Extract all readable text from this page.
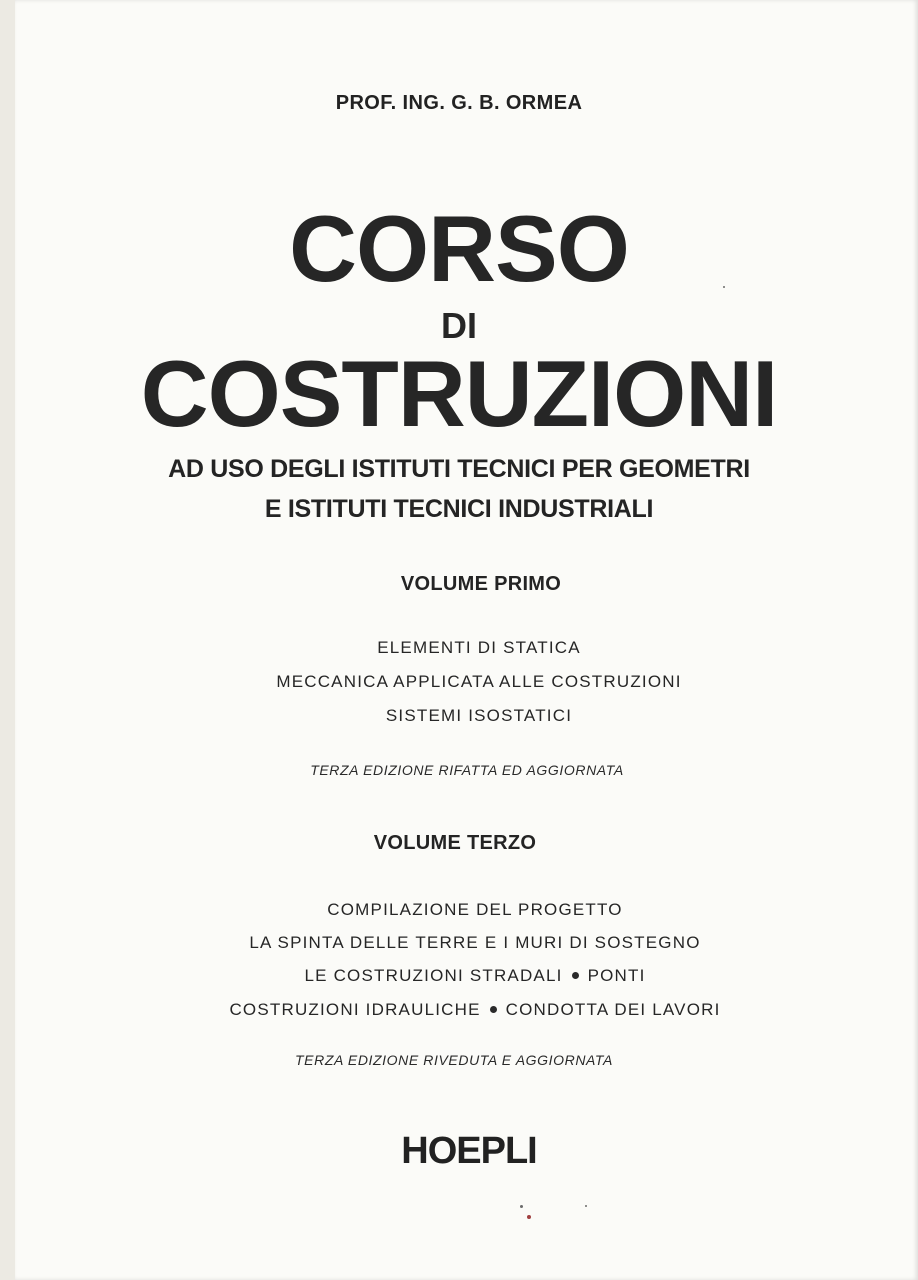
PROF. ING. G. B. ORMEA
CORSO
DI
COSTRUZIONI
AD USO DEGLI ISTITUTI TECNICI PER GEOMETRI
E ISTITUTI TECNICI INDUSTRIALI
VOLUME PRIMO
ELEMENTI DI STATICA
MECCANICA APPLICATA ALLE COSTRUZIONI
SISTEMI ISOSTATICI
TERZA EDIZIONE RIFATTA ED AGGIORNATA
VOLUME TERZO
COMPILAZIONE DEL PROGETTO
LA SPINTA DELLE TERRE E I MURI DI SOSTEGNO
LE COSTRUZIONI STRADALI PONTI
COSTRUZIONI IDRAULICHE CONDOTTA DEI LAVORI
TERZA EDIZIONE RIVEDUTA E AGGIORNATA
HOEPLI
